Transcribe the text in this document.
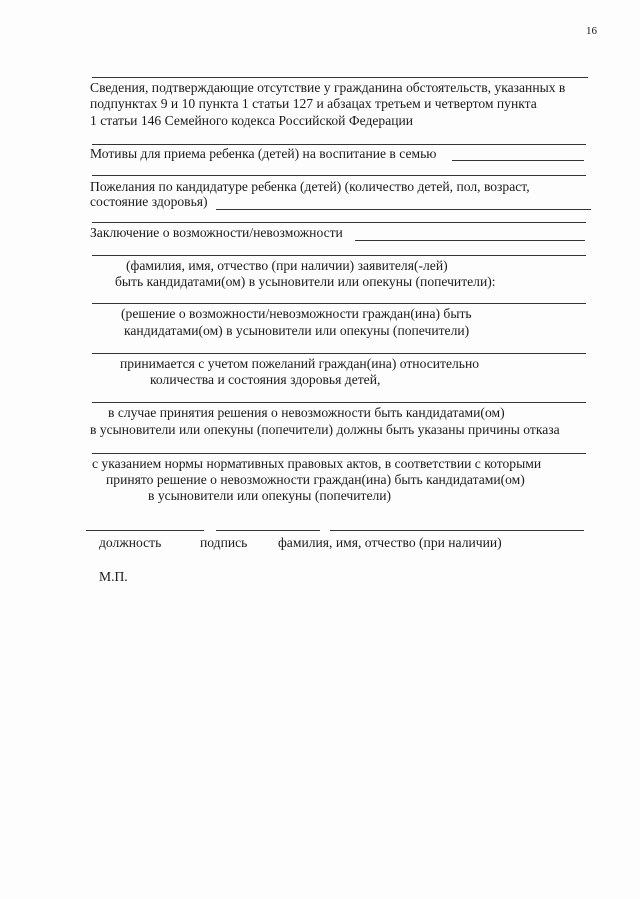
16
Сведения, подтверждающие отсутствие у гражданина обстоятельств, указанных в
подпунктах 9 и 10 пункта 1 статьи 127 и абзацах третьем и четвертом пункта
1 статьи 146 Семейного кодекса Российской Федерации
Мотивы для приема ребенка (детей) на воспитание в семью
Пожелания по кандидатуре ребенка (детей) (количество детей, пол, возраст,
состояние здоровья)
Заключение о возможности/невозможности
(фамилия, имя, отчество (при наличии) заявителя(-лей)
быть кандидатами(ом) в усыновители или опекуны (попечители):
(решение о возможности/невозможности граждан(ина) быть
кандидатами(ом) в усыновители или опекуны (попечители)
принимается с учетом пожеланий граждан(ина) относительно
количества и состояния здоровья детей,
в случае принятия решения о невозможности быть кандидатами(ом)
в усыновители или опекуны (попечители) должны быть указаны причины отказа
с указанием нормы нормативных правовых актов, в соответствии с которыми
принято решение о невозможности граждан(ина) быть кандидатами(ом)
в усыновители или опекуны (попечители)
должность	подпись фамилия, имя, отчество (при наличии)
М.П.
